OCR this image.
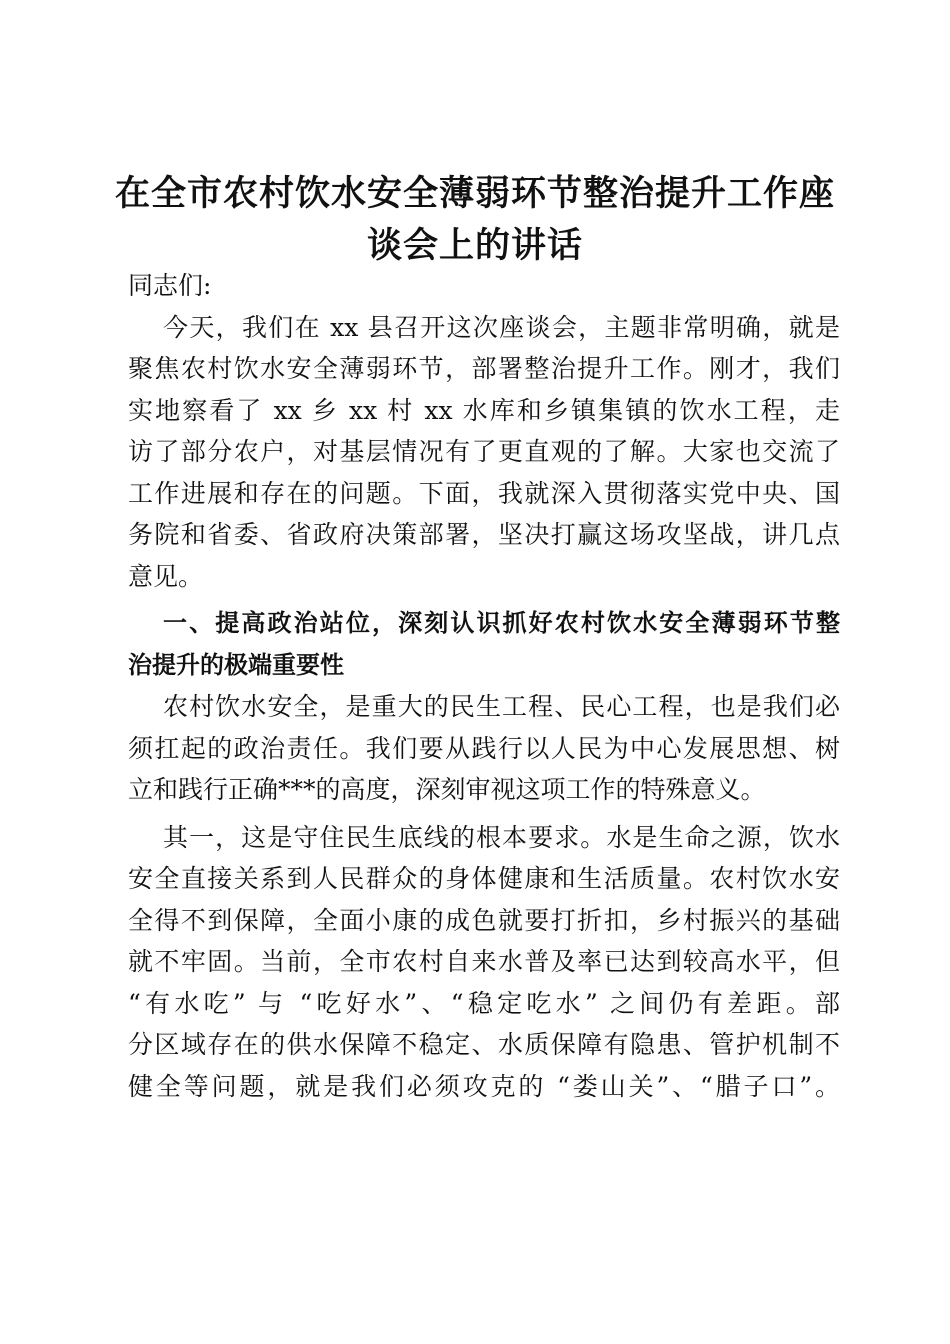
在全市农村饮水安全薄弱环节整治提升工作座
谈会上的讲话
同志们:
今天，我们在 xx 县召开这次座谈会，主题非常明确，就是
聚焦农村饮水安全薄弱环节，部署整治提升工作。刚才，我们
实地察看了 xx 乡 xx 村 xx 水库和乡镇集镇的饮水工程，走
访了部分农户，对基层情况有了更直观的了解。大家也交流了
工作进展和存在的问题。下面，我就深入贯彻落实党中央、国
务院和省委、省政府决策部署，坚决打赢这场攻坚战，讲几点
意见。
一、提高政治站位，深刻认识抓好农村饮水安全薄弱环节整
治提升的极端重要性
农村饮水安全，是重大的民生工程、民心工程，也是我们必
须扛起的政治责任。我们要从践行以人民为中心发展思想、树
立和践行正确***的高度，深刻审视这项工作的特殊意义。
其一，这是守住民生底线的根本要求。水是生命之源，饮水
安全直接关系到人民群众的身体健康和生活质量。农村饮水安
全得不到保障，全面小康的成色就要打折扣，乡村振兴的基础
就不牢固。当前，全市农村自来水普及率已达到较高水平，但
“有水吃” 与 “吃好水”、“稳定吃水” 之间仍有差距。部
分区域存在的供水保障不稳定、水质保障有隐患、管护机制不
健全等问题，就是我们必须攻克的 “娄山关”、“腊子口”。
